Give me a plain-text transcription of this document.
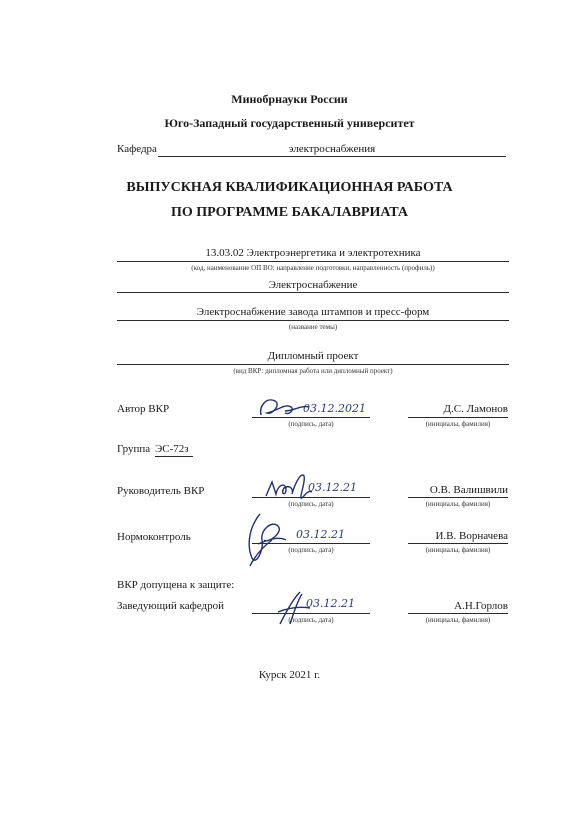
Минобрнауки России
Юго-Западный государственный университет
Кафедра	электроснабжения
ВЫПУСКНАЯ КВАЛИФИКАЦИОННАЯ РАБОТА
ПО ПРОГРАММЕ БАКАЛАВРИАТА
13.03.02 Электроэнергетика и электротехника
(код, наименование ОП ВО: направление подготовки, направленность (профиль))
Электроснабжение
Электроснабжение завода штампов и пресс-форм
(название темы)
Дипломный проект
(вид ВКР: дипломная работа или дипломный проект)
Автор ВКР
(подпись, дата)
03.12.2021	Д.С. Ламонов
(инициалы, фамилия)
Группа ЭС-72з
Руководитель ВКР
(подпись, дата)
03.12.21	О.В. Валишвили
(инициалы, фамилия)
Нормоконтроль
(подпись, дата)
03.12.21	И.В. Ворначева
(инициалы, фамилия)
ВКР допущена к защите:
Заведующий кафедрой
(подпись, дата)
03.12.21	А.Н.Горлов
(инициалы, фамилия)
Курск 2021 г.
